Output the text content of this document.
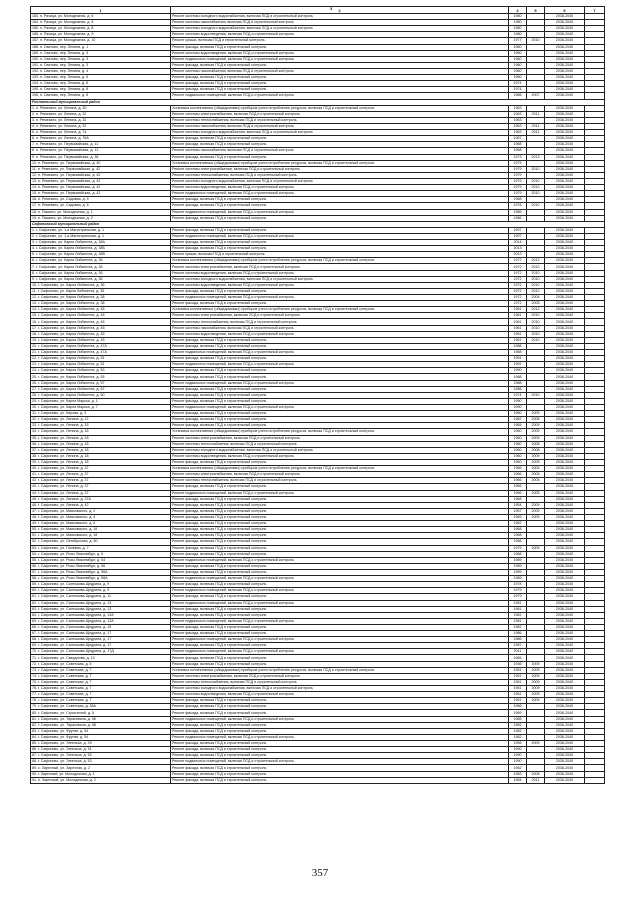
1	2	4	5	6	7
183. п. Рачица, ул. Молодежная, д. 6	Ремонт системы холодного водоснабжения, включая ПСД и строительный контроль	1980		2038-2040	
184. п. Рачица, ул. Молодежная, д. 8	Ремонт системы газоснабжения, включая ПСД и строительный контроль	1980		2038-2040	
185. п. Рачица, ул. Молодежная, д. 8	Ремонт системы холодного водоснабжения, включая ПСД и строительный контроль	1980		2038-2040	
186. п. Рачица, ул. Молодежная, д. 9	Ремонт системы водоотведения, включая ПСД и строительный контроль	1980		2038-2040	
187. п. Рачица, ул. Молодежная, д. 10	Ремонт крыши, включая ПСД и строительный контроль	1977	2010	2038-2040	
188. п. Сватово, пер. Ленина, д. 1	Ремонт фасада, включая ПСД и строительный контроль	1960		2038-2040	
189. п. Сватово, пер. Ленина, д. 3	Ремонт системы водоотведения, включая ПСД и строительный контроль	1960		2038-2040	
190. п. Сватово, пер. Ленина, д. 3	Ремонт подвальных помещений, включая ПСД и строительный контроль	1960		2038-2040	
191. п. Сватово, пер. Ленина, д. 3	Ремонт фасада, включая ПСД и строительный контроль	1960		2038-2040	
192. п. Сватово, пер. Ленина, д. 4	Ремонт системы газоснабжения, включая ПСД и строительный контроль	1960		2038-2040	
193. п. Сватово, пер. Ленина, д. 5	Ремонт фасада, включая ПСД и строительный контроль	1960		2038-2040	
194. п. Сватово, пер. Ленина, д. 6	Ремонт фасада, включая ПСД и строительный контроль	1974		2038-2040	
195. п. Сватово, пер. Ленина, д. 8	Ремонт фасада, включая ПСД и строительный контроль	1974		2038-2040	
196. п. Сватово, пер. Ленина, д. 8	Ремонт подвальных помещений, включая ПСД и строительный контроль	1986	2007	2038-2040	
Рославльский муниципальный район					
1. п. Ремезино, ул. Ленина, д. 30	Установка коллективных (общедомовых) приборов учета потребления ресурсов, включая ПСД и строительный контроль	1963		2038-2040	
2. п. Ремезино, ул. Ленина, д. 32	Ремонт системы электроснабжения, включая ПСД и строительный контроль	1963	2011	2038-2040	
3. п. Ремезино, ул. Ленина, д. 32	Ремонт системы теплоснабжения, включая ПСД и строительный контроль	1963		2038-2040	
4. п. Ремезино, ул. Ленина, д. 32	Ремонт системы газоснабжения, включая ПСД и строительный контроль	1963	2011	2038-2040	
5. п. Ремезино, ул. Ленина, д. 74	Ремонт системы холодного водоснабжения, включая ПСД и строительный контроль	1963	2011	2038-2040	
6. п. Ремезино, ул. Ленина, д. 76А	Ремонт фасада, включая ПСД и строительный контроль	1967		2038-2040	
7. п. Ремезино, ул. Первомайская, д. 11	Ремонт фасада, включая ПСД и строительный контроль	1968		2038-2040	
8. п. Ремезино, ул. Первомайская, д. 12	Ремонт системы газоснабжения, включая ПСД и строительный контроль	1968		2038-2040	
9. п. Ремезино, ул. Первомайская, д. 36	Ремонт фасада, включая ПСД и строительный контроль	1973	2013	2038-2040	
10. п. Ремезино, ул. Первомайская, д. 40	Установка коллективных (общедомовых) приборов учета потребления ресурсов, включая ПСД и строительный контроль	1975		2038-2040	
11. п. Ремезино, ул. Первомайская, д. 42	Ремонт системы электроснабжения, включая ПСД и строительный контроль	1979	2010	2038-2040	
12. п. Ремезино, ул. Первомайская, д. 42	Ремонт системы теплоснабжения, включая ПСД и строительный контроль	1979		2038-2040	
13. п. Ремезино, ул. Первомайская, д. 42	Ремонт системы холодного водоснабжения, включая ПСД и строительный контроль	1979	2010	2038-2040	
14. п. Ремезино, ул. Первомайская, д. 42	Ремонт системы водоотведения, включая ПСД и строительный контроль	1979	2010	2038-2040	
15. п. Ремезино, ул. Первомайская, д. 42	Ремонт подвальных помещений, включая ПСД и строительный контроль	1979	2010	2038-2040	
16. п. Ремезино, ул. Садовая, д. 5	Ремонт фасада, включая ПСД и строительный контроль	1968		2038-2040	
17. п. Ремезино, ул. Садовая, д. 6	Ремонт фасада, включая ПСД и строительный контроль	1978	2010	2028-2040	
18. п. Пашино, ул. Молодежная, д. 1	Ремонт подвальных помещений, включая ПСД и строительный контроль	1986		2038-2040	
19. п. Пашино, ул. Молодежная, д. 2	Ремонт фасада, включая ПСД и строительный контроль	1986		2038-2040	
Сафоновский муниципальный район					
1. г. Сафоново, ул. 1-я Магистральная, д. 1	Ремонт фасада, включая ПСД и строительный контроль	1997		2038-2040	
2. г. Сафоново, ул. 1-я Магистральная, д. 1	Ремонт подвальных помещений, включая ПСД и строительный контроль	1997		2038-2040	
3. г. Сафоново, ул. Карла Либкнехта, д. 38А	Ремонт фасада, включая ПСД и строительный контроль	2014		2038-2040	
4. г. Сафоново, ул. Карла Либкнехта, д. 38Б	Ремонт фасада, включая ПСД и строительный контроль	2013		2038-2040	
5. г. Сафоново, ул. Карла Либкнехта, д. 38В	Ремонт крыши, включая ПСД и строительный контроль	2013		2038-2040	
6. г. Сафоново, ул. Карла Либкнехта, д. 36	Установка коллективных (общедомовых) приборов учета потребления ресурсов, включая ПСД и строительный контроль	1972	2012	2038-2040	
7. г. Сафоново, ул. Карла Либкнехта, д. 36	Ремонт системы электроснабжения, включая ПСД и строительный контроль	1972	2010	2038-2040	
8. г. Сафоново, ул. Карла Либкнехта, д. 36	Ремонт системы водоотведения, включая ПСД и строительный контроль	1972	2010	2038-2040	
9. г. Сафоново, ул. Карла Либкнехта, д. 36	Ремонт системы холодного водоснабжения, включая ПСД и строительный контроль	1972	2010	2038-2040	
10. г. Сафоново, ул. Карла Либкнехта, д. 36	Ремонт системы водоотведения, включая ПСД и строительный контроль	1972	2010	2038-2040	
11. г. Сафоново, ул. Карла Либкнехта, д. 36	Ремонт фасада, включая ПСД и строительный контроль	1972	2010	2038-2040	
12. г. Сафоново, ул. Карла Либкнехта, д. 38	Ремонт подвальных помещений, включая ПСД и строительный контроль	1972	2004	2038-2040	
13. г. Сафоново, ул. Карла Либкнехта, д. 38	Ремонт фасада, включая ПСД и строительный контроль	1972	2005	2038-2040	
14. г. Сафоново, ул. Карла Либкнехта, д. 45	Установка коллективных (общедомовых) приборов учета потребления ресурсов, включая ПСД и строительный контроль	1961	2012	2038-2040	
15. г. Сафоново, ул. Карла Либкнехта, д. 45	Ремонт системы электроснабжения, включая ПСД и строительный контроль	1961	2010	2038-2040	
16. г. Сафоново, ул. Карла Либкнехта, д. 45	Ремонт системы теплоснабжения, включая ПСД и строительный контроль	1961	2010	2038-2040	
17. г. Сафоново, ул. Карла Либкнехта, д. 45	Ремонт системы газоснабжения, включая ПСД и строительный контроль	1961	2010	2038-2040	
18. г. Сафоново, ул. Карла Либкнехта, д. 45	Ремонт системы водоотведения, включая ПСД и строительный контроль	1961	2010	2038-2040	
19. г. Сафоново, ул. Карла Либкнехта, д. 45	Ремонт фасада, включая ПСД и строительный контроль	1961	2010	2038-2040	
20. г. Сафоново, ул. Карла Либкнехта, д. 47А	Ремонт фасада, включая ПСД и строительный контроль	1988		2038-2040	
21. г. Сафоново, ул. Карла Либкнехта, д. 47А	Ремонт подвальных помещений, включая ПСД и строительный контроль	1988		2038-2040	
22. г. Сафоново, ул. Карла Либкнехта, д. 51	Ремонт фасада, включая ПСД и строительный контроль	1991		2038-2040	
23. г. Сафоново, ул. Карла Либкнехта, д. 51	Ремонт подвальных помещений, включая ПСД и строительный контроль	1991		2038-2040	
24. г. Сафоново, ул. Карла Либкнехта, д. 53	Ремонт фасада, включая ПСД и строительный контроль	1990		2038-2040	
25. г. Сафоново, ул. Карла Либкнехта, д. 55	Ремонт фасада, включая ПСД и строительный контроль	1988		2038-2040	
26. г. Сафоново, ул. Карла Либкнехта, д. 57	Ремонт подвальных помещений, включая ПСД и строительный контроль	1988		2038-2040	
27. г. Сафоново, ул. Карла Либкнехта, д. 57	Ремонт фасада, включая ПСД и строительный контроль	1988		2038-2040	
28. г. Сафоново, ул. Карла Либкнехта, д. 60	Ремонт фасада, включая ПСД и строительный контроль	1974	2010	2038-2040	
29. г. Сафоново, ул. Карла Маркса, д. 1	Ремонт фасада, включая ПСД и строительный контроль	1990		2038-2040	
30. г. Сафоново, ул. Карла Маркса, д. 7	Ремонт подвальных помещений, включая ПСД и строительный контроль	1990		2038-2040	
31. г. Сафоново, ул. Кирова, д. 3	Ремонт фасада, включая ПСД и строительный контроль	1960	2009	2038-2040	
32. г. Сафоново, ул. Ленина, д. 12	Ремонт фасада, включая ПСД и строительный контроль	1962	2008	2038-2040	
33. г. Сафоново, ул. Ленина, д. 15	Ремонт фасада, включая ПСД и строительный контроль	1965	2009	2038-2040	
34. г. Сафоново, ул. Ленина, д. 18	Установка коллективных (общедомовых) приборов учета потребления ресурсов, включая ПСД и строительный контроль	1960	2009	2038-2040	
35. г. Сафоново, ул. Ленина, д. 18	Ремонт системы электроснабжения, включая ПСД и строительный контроль	1960	2009	2038-2040	
36. г. Сафоново, ул. Ленина, д. 18	Ремонт системы теплоснабжения, включая ПСД и строительный контроль	1960	2008	2038-2040	
37. г. Сафоново, ул. Ленина, д. 18	Ремонт системы холодного водоснабжения, включая ПСД и строительный контроль	1960	2008	2038-2040	
38. г. Сафоново, ул. Ленина, д. 18	Ремонт системы водоотведения, включая ПСД и строительный контроль	1960	2009	2038-2040	
39. г. Сафоново, ул. Ленина, д. 18	Ремонт фасада, включая ПСД и строительный контроль	1960	2009	2038-2040	
40. г. Сафоново, ул. Ленина, д. 37	Установка коллективных (общедомовых) приборов учета потребления ресурсов, включая ПСД и строительный контроль	1966	2005	2038-2040	
41. г. Сафоново, ул. Ленина, д. 37	Ремонт системы электроснабжения, включая ПСД и строительный контроль	1966	2005	2038-2040	
42. г. Сафоново, ул. Ленина, д. 37	Ремонт системы теплоснабжения, включая ПСД и строительный контроль	1966	2005	2038-2040	
43. г. Сафоново, ул. Ленина, д. 37	Ремонт фасада, включая ПСД и строительный контроль	1966		2038-2040	
44. г. Сафоново, ул. Ленина, д. 37	Ремонт подвальных помещений, включая ПСД и строительный контроль	1966	2005	2038-2040	
45. г. Сафоново, ул. Ленина, д. 37А	Ремонт фасада, включая ПСД и строительный контроль	1968		2038-2040	
46. г. Сафоново, ул. Ленина, д. 42	Ремонт фасада, включая ПСД и строительный контроль	1954	2009	2038-2040	
47. г. Сафоново, ул. Маяковского, д. 2	Ремонт фасада, включая ПСД и строительный контроль	1957	2009	2038-2040	
48. г. Сафоново, ул. Маяковского, д. 4	Ремонт фасада, включая ПСД и строительный контроль	1969	2009	2038-2040	
49. г. Сафоново, ул. Маяковского, д. 6	Ремонт фасада, включая ПСД и строительный контроль	1962		2038-2040	
50. г. Сафоново, ул. Маяковского, д. 16	Ремонт фасада, включая ПСД и строительный контроль	1968		2038-2040	
51. г. Сафоново, ул. Маяковского, д. 18	Ремонт фасада, включая ПСД и строительный контроль	1968		2038-2040	
52. г. Сафоново, ул. Октябрьская, д. 50	Ремонт фасада, включая ПСД и строительный контроль	1968		2038-2040	
53. г. Сафоново, ул. Полевая, д. 7	Ремонт фасада, включая ПСД и строительный контроль	1975	2009	2038-2040	
54. г. Сафоново, ул. Розы Люксембург, д. 6	Ремонт фасада, включая ПСД и строительный контроль	1968		2038-2040	
55. г. Сафоново, ул. Розы Люксембург, д. 54	Ремонт подвальных помещений, включая ПСД и строительный контроль	1989		2038-2040	
56. г. Сафоново, ул. Розы Люксембург, д. 56	Ремонт фасада, включая ПСД и строительный контроль	1989		2038-2040	
57. г. Сафоново, ул. Розы Люксембург, д. 56А	Ремонт фасада, включая ПСД и строительный контроль	1989		2038-2040	
58. г. Сафоново, ул. Розы Люксембург, д. 58А	Ремонт подвальных помещений, включая ПСД и строительный контроль	1989		2038-2040	
59. г. Сафоново, ул. Салтыкова-Щедрина, д. 9	Ремонт фасада, включая ПСД и строительный контроль	1978		2038-2040	
60. г. Сафоново, ул. Салтыкова-Щедрина, д. 9	Ремонт подвальных помещений, включая ПСД и строительный контроль	1979		2038-2040	
61. г. Сафоново, ул. Салтыкова-Щедрина, д. 11	Ремонт фасада, включая ПСД и строительный контроль	1979		2038-2040	
62. г. Сафоново, ул. Салтыкова-Щедрина, д. 13	Ремонт подвальных помещений, включая ПСД и строительный контроль	1981		2038-2040	
63. г. Сафоново, ул. Салтыкова-Щедрина, д. 13	Ремонт фасада, включая ПСД и строительный контроль	1981		2038-2040	
64. г. Сафоново, ул. Салтыкова-Щедрина, д. 13А	Ремонт фасада, включая ПСД и строительный контроль	1981		2038-2040	
65. г. Сафоново, ул. Салтыкова-Щедрина, д. 13А	Ремонт подвальных помещений, включая ПСД и строительный контроль	1981		2038-2040	
66. г. Сафоново, ул. Салтыкова-Щедрина, д. 15	Ремонт фасада, включая ПСД и строительный контроль	1982		2038-2040	
67. г. Сафоново, ул. Салтыкова-Щедрина, д. 17	Ремонт фасада, включая ПСД и строительный контроль	1986		2038-2040	
68. г. Сафоново, ул. Салтыкова-Щедрина, д. 17	Ремонт подвальных помещений, включая ПСД и строительный контроль	1986		2038-2040	
69. г. Сафоново, ул. Салтыкова-Щедрина, д. 17	Ремонт фасада, включая ПСД и строительный контроль	1987		2038-2040	
70. г. Сафоново, ул. Салтыкова-Щедрина, д. 17Д	Ремонт подвальных помещений, включая ПСД и строительный контроль	2011		2038-2040	
71. г. Сафоново, ул. Свердлова, д. 13	Ремонт фасада, включая ПСД и строительный контроль	1965		2038-2040	
72. г. Сафоново, ул. Советская, д. 5	Ремонт фасада, включая ПСД и строительный контроль	1936	2009	2038-2040	
73. г. Сафоново, ул. Советская, д. 7	Установка коллективных (общедомовых) приборов учета потребления ресурсов, включая ПСД и строительный контроль	1951	2009	2038-2040	
74. г. Сафоново, ул. Советская, д. 7	Ремонт системы электроснабжения, включая ПСД и строительный контроль	1951	2009	2038-2040	
75. г. Сафоново, ул. Советская, д. 7	Ремонт системы теплоснабжения, включая ПСД и строительный контроль	1951	2009	2038-2040	
76. г. Сафоново, ул. Советская, д. 7	Ремонт системы холодного водоснабжения, включая ПСД и строительный контроль	1951	2009	2038-2040	
77. г. Сафоново, ул. Советская, д. 7	Ремонт системы водоотведения, включая ПСД и строительный контроль	1951	2009	2038-2040	
78. г. Сафоново, ул. Советская, д. 7	Ремонт фасада, включая ПСД и строительный контроль	1951	2009	2038-2040	
79. г. Сафоново, ул. Советская, д. 38А	Ремонт фасада, включая ПСД и строительный контроль	1986		2038-2040	
80. г. Сафоново, ул. Строителей, д. 5	Ремонт фасада, включая ПСД и строительный контроль	1969		2038-2040	
81. г. Сафоново, ул. Тарасевича, д. 56	Ремонт подвальных помещений, включая ПСД и строительный контроль	1965		2038-2040	
82. г. Сафоново, ул. Тарасевича, д. 58	Ремонт фасада, включая ПСД и строительный контроль	1982		2038-2040	
83. г. Сафоново, ул. Фрунзе, д. 54	Ремонт фасада, включая ПСД и строительный контроль	1982		2038-2040	
84. г. Сафоново, ул. Фрунзе, д. 54	Ремонт подвальных помещений, включая ПСД и строительный контроль	1982		2038-2040	
85. г. Сафоново, ул. Энгельса, д. 29	Ремонт фасада, включая ПСД и строительный контроль	1956	2009	2038-2040	
86. г. Сафоново, ул. Энгельса, д. 51	Ремонт фасада, включая ПСД и строительный контроль	1990		2038-2040	
87. г. Сафоново, ул. Энгельса, д. 53	Ремонт фасада, включая ПСД и строительный контроль	1990		2038-2040	
88. г. Сафоново, ул. Энгельса, д. 53	Ремонт подвальных помещений, включая ПСД и строительный контроль	1990		2038-2040	
89. с. Заречный, ул. Заречная, д. 2	Ремонт фасада, включая ПСД и строительный контроль	1982		2038-2040	
90. г. Заречный, ул. Молодежная, д. 1	Ремонт фасада, включая ПСД и строительный контроль	1983	2008	2038-2040	
91. п. Заречный, ул. Молодежная, д. 2	Ремонт фасада, включая ПСД и строительный контроль	1984	2011	2038-2040	
3
357
